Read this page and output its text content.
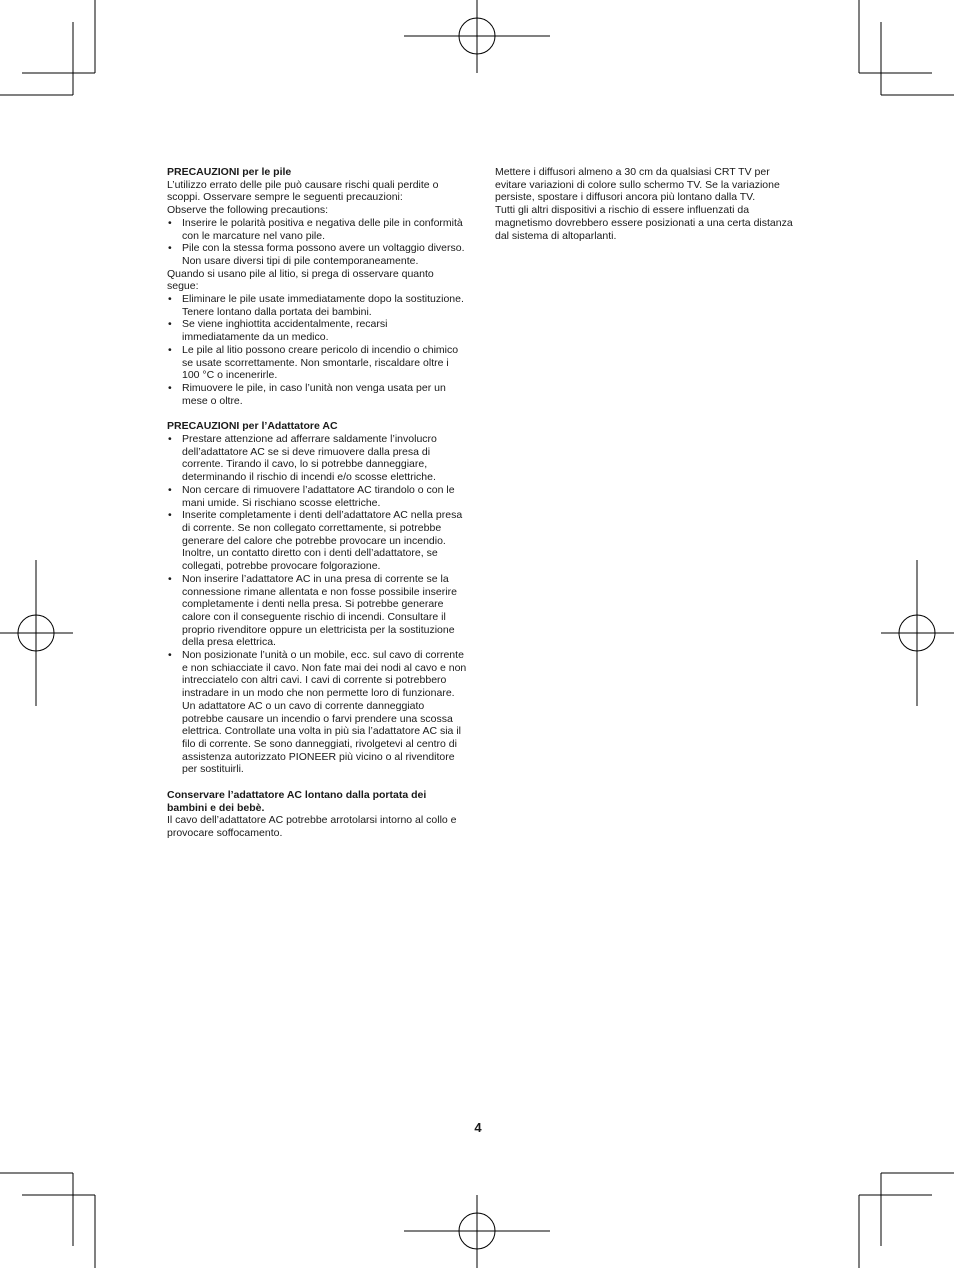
PRECAUZIONI per le pile

L’utilizzo errato delle pile può causare rischi quali perdite o scoppi. Osservare sempre le seguenti precauzioni:

Observe the following precautions:

• Inserire le polarità positiva e negativa delle pile in conformità con le marcature nel vano pile.
• Pile con la stessa forma possono avere un voltaggio diverso. Non usare diversi tipi di pile contemporaneamente.

Quando si usano pile al litio, si prega di osservare quanto segue:

• Eliminare le pile usate immediatamente dopo la sostituzione. Tenere lontano dalla portata dei bambini.
• Se viene inghiottita accidentalmente, recarsi immediatamente da un medico.
• Le pile al litio possono creare pericolo di incendio o chimico se usate scorrettamente. Non smontarle, riscaldare oltre i 100 °C o incenerirle.
• Rimuovere le pile, in caso l’unità non venga usata per un mese o oltre.

PRECAUZIONI per l’Adattatore AC

• Prestare attenzione ad afferrare saldamente l’involucro dell’adattatore AC se si deve rimuovere dalla presa di corrente. Tirando il cavo, lo si potrebbe danneggiare, determinando il rischio di incendi e/o scosse elettriche.
• Non cercare di rimuovere l’adattatore AC tirandolo o con le mani umide. Si rischiano scosse elettriche.
• Inserite completamente i denti dell’adattatore AC nella presa di corrente. Se non collegato correttamente, si potrebbe generare del calore che potrebbe provocare un incendio. Inoltre, un contatto diretto con i denti dell’adattatore, se collegati, potrebbe provocare folgorazione.
• Non inserire l’adattatore AC in una presa di corrente se la connessione rimane allentata e non fosse possibile inserire completamente i denti nella presa. Si potrebbe generare calore con il conseguente rischio di incendi. Consultare il proprio rivenditore oppure un elettricista per la sostituzione della presa elettrica.
• Non posizionate l’unità o un mobile, ecc. sul cavo di corrente e non schiacciate il cavo. Non fate mai dei nodi al cavo e non intrecciatelo con altri cavi. I cavi di corrente si potrebbero instradare in un modo che non permette loro di funzionare. Un adattatore AC o un cavo di corrente danneggiato potrebbe causare un incendio o farvi prendere una scossa elettrica. Controllate una volta in più sia l’adattatore AC sia il filo di corrente. Se sono danneggiati, rivolgetevi al centro di assistenza autorizzato PIONEER più vicino o al rivenditore per sostituirli.

Conservare l’adattatore AC lontano dalla portata dei bambini e dei bebè.

Il cavo dell’adattatore AC potrebbe arrotolarsi intorno al collo e provocare soffocamento.

Mettere i diffusori almeno a 30 cm da qualsiasi CRT TV per evitare variazioni di colore sullo schermo TV. Se la variazione persiste, spostare i diffusori ancora più lontano dalla TV.

Tutti gli altri dispositivi a rischio di essere influenzati da magnetismo dovrebbero essere posizionati a una certa distanza dal sistema di altoparlanti.

4
